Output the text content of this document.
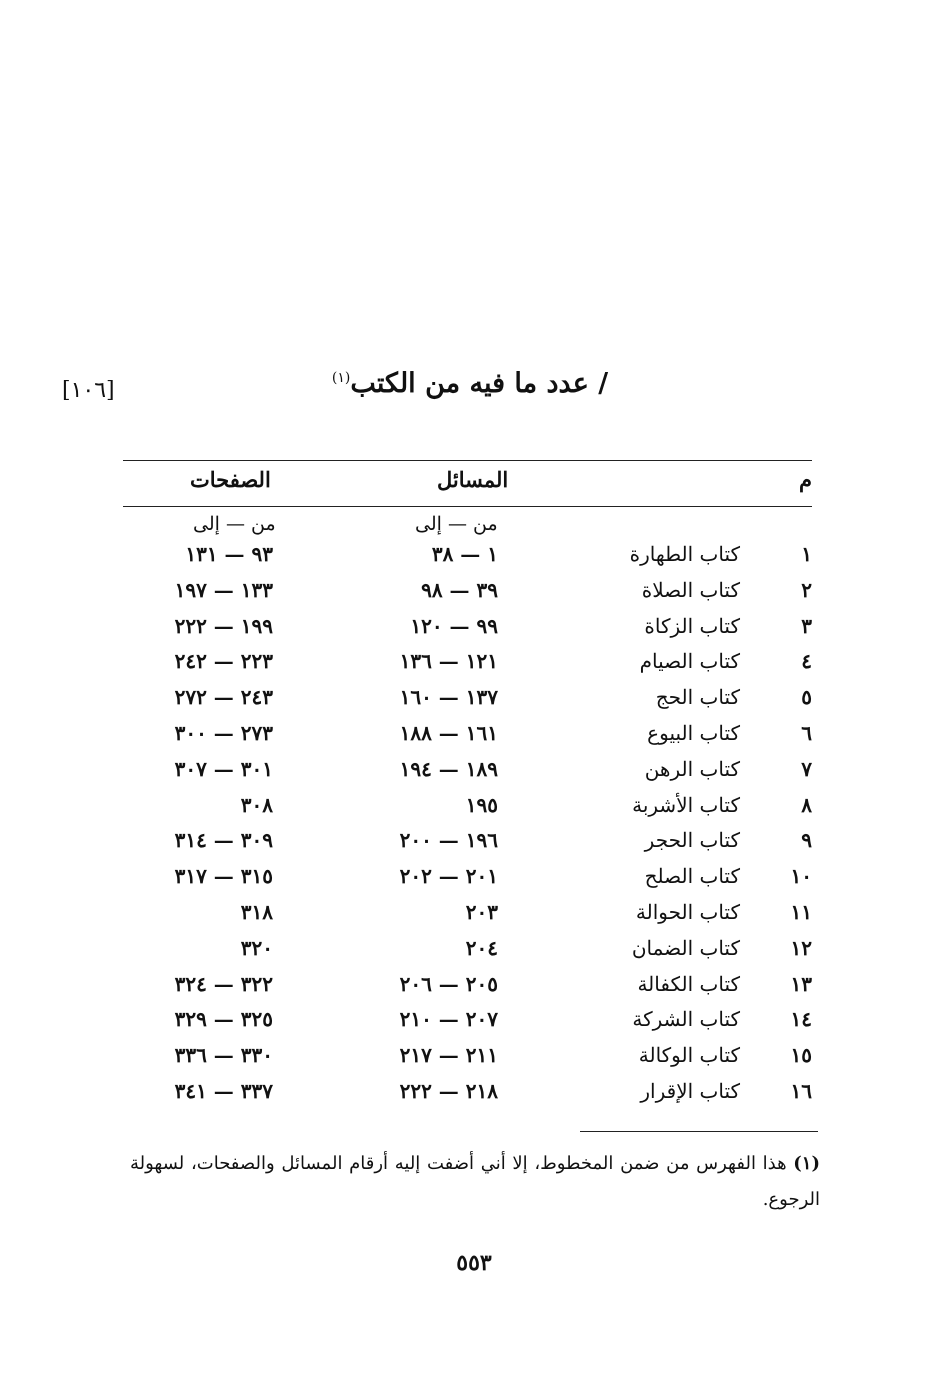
[١٠٦]	/ عدد ما فيه من الكتب$^{(١)}$
م
المسائل
الصفحات
من — إلى
من — إلى
١
كتاب الطهارة
١ — ٣٨
٩٣ — ١٣١
٢
كتاب الصلاة
٣٩ — ٩٨
١٣٣ — ١٩٧
٣
كتاب الزكاة
٩٩ — ١٢٠
١٩٩ — ٢٢٢
٤
كتاب الصيام
١٢١ — ١٣٦
٢٢٣ — ٢٤٢
٥
كتاب الحج
١٣٧ — ١٦٠
٢٤٣ — ٢٧٢
٦
كتاب البيوع
١٦١ — ١٨٨
٢٧٣ — ٣٠٠
٧
كتاب الرهن
١٨٩ — ١٩٤
٣٠١ — ٣٠٧
٨
كتاب الأشربة
١٩٥
٣٠٨
٩
كتاب الحجر
١٩٦ — ٢٠٠
٣٠٩ — ٣١٤
١٠
كتاب الصلح
٢٠١ — ٢٠٢
٣١٥ — ٣١٧
١١
كتاب الحوالة
٢٠٣
٣١٨
١٢
كتاب الضمان
٢٠٤
٣٢٠
١٣
كتاب الكفالة
٢٠٥ — ٢٠٦
٣٢٢ — ٣٢٤
١٤
كتاب الشركة
٢٠٧ — ٢١٠
٣٢٥ — ٣٢٩
١٥
كتاب الوكالة
٢١١ — ٢١٧
٣٣٠ — ٣٣٦
١٦
كتاب الإقرار
٢١٨ — ٢٢٢
٣٣٧ — ٣٤١
(١) هذا الفهرس من ضمن المخطوط، إلا أني أضفت إليه أرقام المسائل والصفحات، لسهولة الرجوع.
٥٥٣
